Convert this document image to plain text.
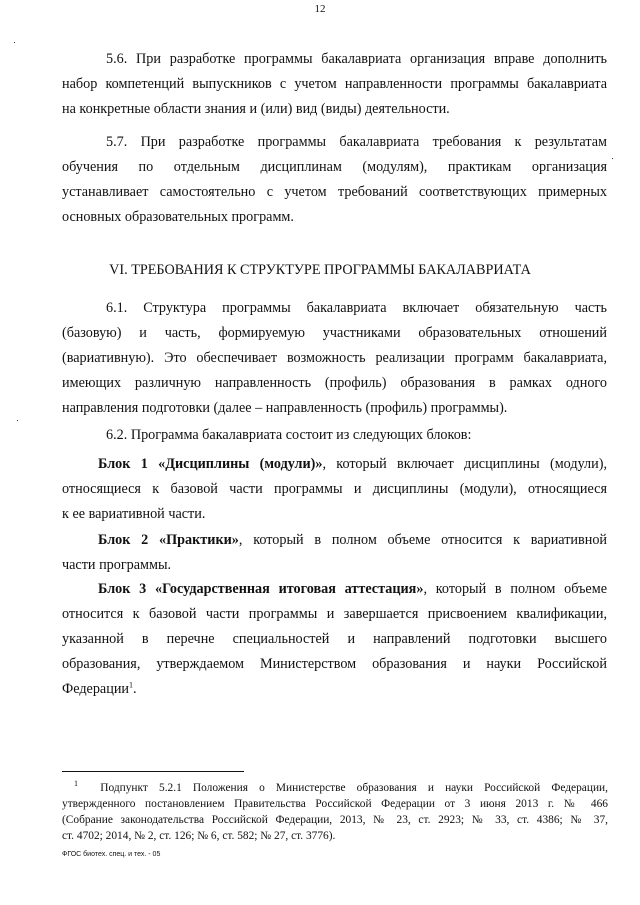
12
5.6. При разработке программы бакалавриата организация вправе дополнить
набор компетенций выпускников с учетом направленности программы бакалавриата
на конкретные области знания и (или) вид (виды) деятельности.
5.7. При разработке программы бакалавриата требования к результатам
обучения по отдельным дисциплинам (модулям), практикам организация
устанавливает самостоятельно с учетом требований соответствующих примерных
основных образовательных программ.
VI. ТРЕБОВАНИЯ К СТРУКТУРЕ ПРОГРАММЫ БАКАЛАВРИАТА
6.1. Структура программы бакалавриата включает обязательную часть
(базовую) и часть, формируемую участниками образовательных отношений
(вариативную). Это обеспечивает возможность реализации программ бакалавриата,
имеющих различную направленность (профиль) образования в рамках одного
направления подготовки (далее – направленность (профиль) программы).
6.2. Программа бакалавриата состоит из следующих блоков:
Блок 1 «Дисциплины (модули)», который включает дисциплины (модули),
относящиеся к базовой части программы и дисциплины (модули), относящиеся
к ее вариативной части.
Блок 2 «Практики», который в полном объеме относится к вариативной
части программы.
Блок 3 «Государственная итоговая аттестация», который в полном объеме
относится к базовой части программы и завершается присвоением квалификации,
указанной в перечне специальностей и направлений подготовки высшего
образования, утверждаемом Министерством образования и науки Российской
Федерации$^1$.
$^1$ Подпункт 5.2.1 Положения о Министерстве образования и науки Российской Федерации,
утвержденного постановлением Правительства Российской Федерации от 3 июня 2013 г. № 466
(Собрание законодательства Российской Федерации, 2013, № 23, ст. 2923; № 33, ст. 4386; № 37,
ст. 4702; 2014, № 2, ст. 126; № 6, ст. 582; № 27, ст. 3776).
ФГОС биотех. спец. и тех. - 05
